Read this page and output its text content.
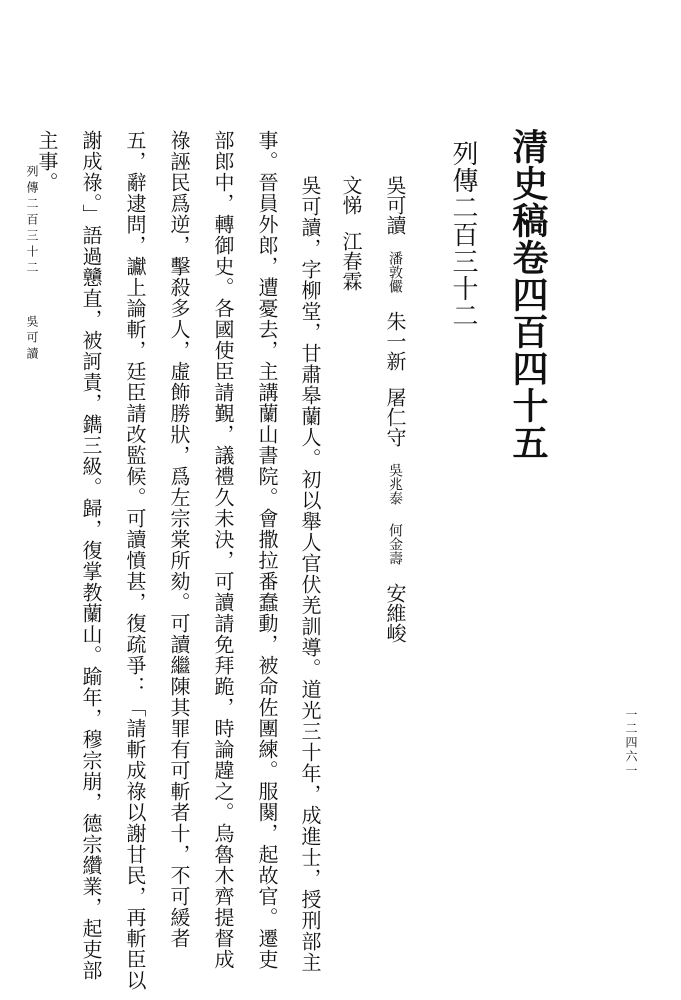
清史稿卷四百四十五
列傳二百三十二
吳可讀潘敦儼朱一新屠仁守吳兆泰何金壽安維峻
文悌江春霖
吳可讀，字柳堂，甘肅皋蘭人。初以舉人官伏羌訓導。道光三十年，成進士，授刑部主
事。晉員外郎，遭憂去，主講蘭山書院。會撒拉番蠢動，被命佐團練。服闋，起故官。遷吏
部郎中，轉御史。各國使臣請覲，議禮久未決，可讀請免拜跪，時論韙之。烏魯木齊提督成
祿誣民爲逆，擊殺多人，虛飾勝狀，爲左宗棠所劾。可讀繼陳其罪有可斬者十，不可緩者
五，辭逮問，讞上論斬，廷臣請改監候。可讀憤甚，復疏爭：「請斬成祿以謝甘民，再斬臣以
謝成祿。」語過戇直，被訶責，鐫三級。歸，復掌教蘭山。踰年，穆宗崩，德宗纘業，起吏部
主事。
列傳二百三十二 吳可讀
一二四六一
